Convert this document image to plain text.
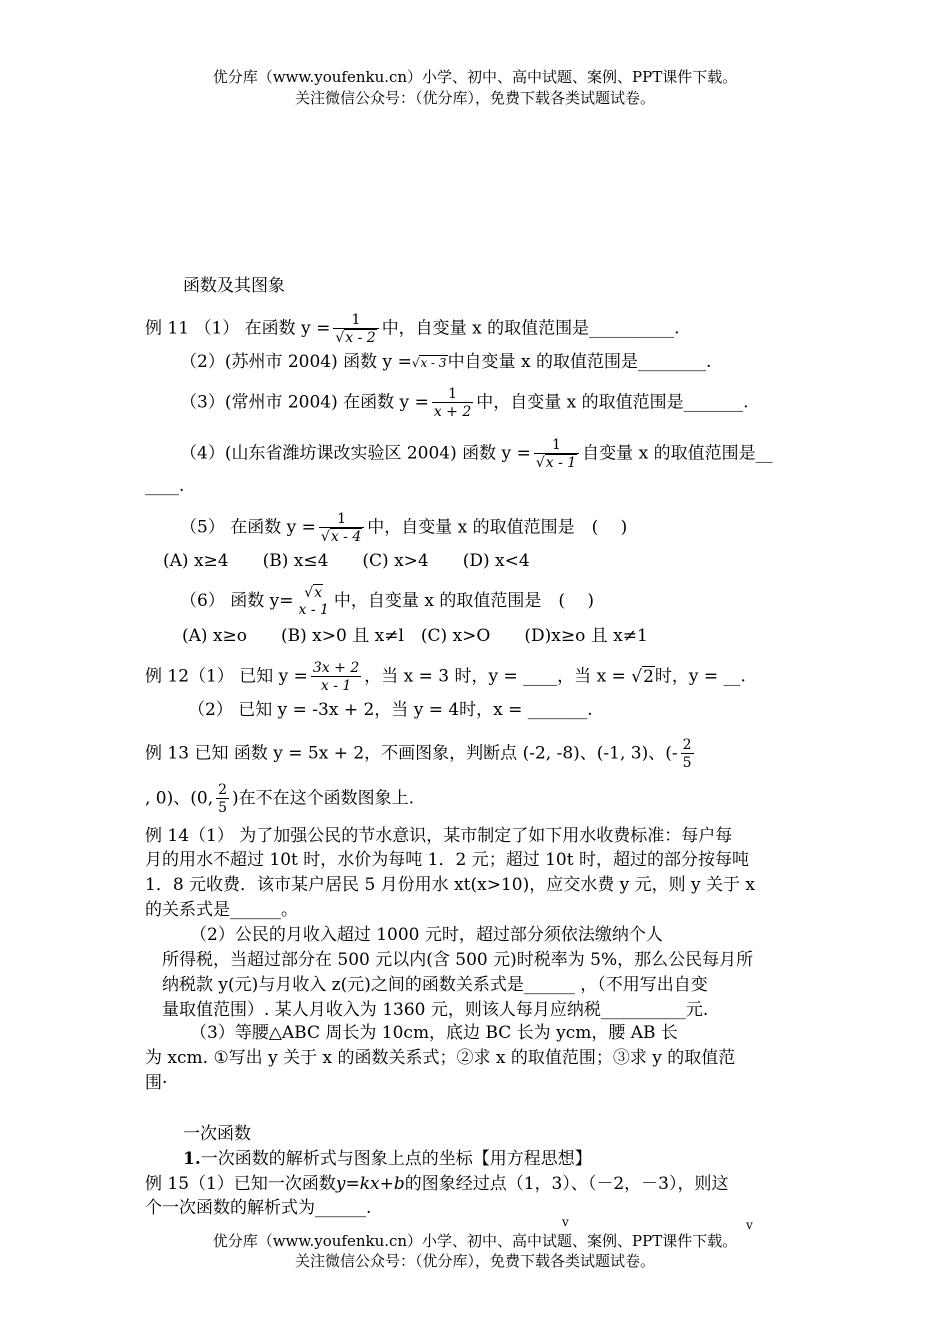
优分库（www.youfenku.cn）小学、初中、高中试题、案例、PPT课件下载。
关注微信公众号：（优分库），免费下载各类试题试卷。
函数及其图象
例 11 （1） 在函数 $y = \frac{1}{√x - 2}$ 中，自变量 x 的取值范围是__________.
（2）(苏州市 2004) 函数 y =√x - 3中自变量 x 的取值范围是________.
（3）(常州市 2004) 在函数 $y = \frac{1}{x + 2}$ 中，自变量 x 的取值范围是_______.
（4）(山东省潍坊课改实验区 2004) 函数 $y = \frac{1}{√x - 1}$ 自变量 x 的取值范围是__
____.
（5） 在函数 $y = \frac{1}{√x - 4}$ 中，自变量 x 的取值范围是　(　 )
(A) x≥4　　(B) x≤4　　(C) x>4　　(D) x<4
（6） 函数 y= √x
x - 1 中，自变量 x 的取值范围是　(　 )
(A) x≥o　　(B) x>0 且 x≠l　(C) x>O　　(D)x≥o 且 x≠1
例 12（1） 已知 $y = \frac{3x + 2}{x - 1}$ ，当 x = 3 时，y = ____，当 x = √2时，y = __.
（2） 已知 y = -3x + 2，当 y = 4时，x = _______.
例 13 已知 函数 y = 5x + 2，不画图象，判断点 (-2, -8)、(-1, 3)、(- $\frac{2}{5}$
, 0)、(0, $\frac{2}{5}$ )在不在这个函数图象上.
例 14（1） 为了加强公民的节水意识，某市制定了如下用水收费标准：每户每
月的用水不超过 10t 时，水价为每吨 1．2 元；超过 10t 时，超过的部分按每吨
1．8 元收费．该市某户居民 5 月份用水 xt(x>10)，应交水费 y 元，则 y 关于 x
的关系式是______。
（2）公民的月收入超过 1000 元时，超过部分须依法缴纳个人
所得税，当超过部分在 500 元以内(含 500 元)时税率为 5%，那么公民每月所
纳税款 y(元)与月收入 z(元)之间的函数关系式是______ ，（不用写出自变
量取值范围）. 某人月收入为 1360 元，则该人每月应纳税__________元.
（3）等腰△ABC 周长为 10cm，底边 BC 长为 ycm，腰 AB 长
为 xcm. ①写出 y 关于 x 的函数关系式；②求 x 的取值范围；③求 y 的取值范
围·
一次函数
1.一次函数的解析式与图象上点的坐标【用方程思想】
例 15（1）已知一次函数y=kx+b的图象经过点（1，3）、（－2，－3），则这
个一次函数的解析式为______.
优分库（www.youfenku.cn）小学、初中、高中试题、案例、PPT课件下载。
关注微信公众号：（优分库），免费下载各类试题试卷。
v	v
